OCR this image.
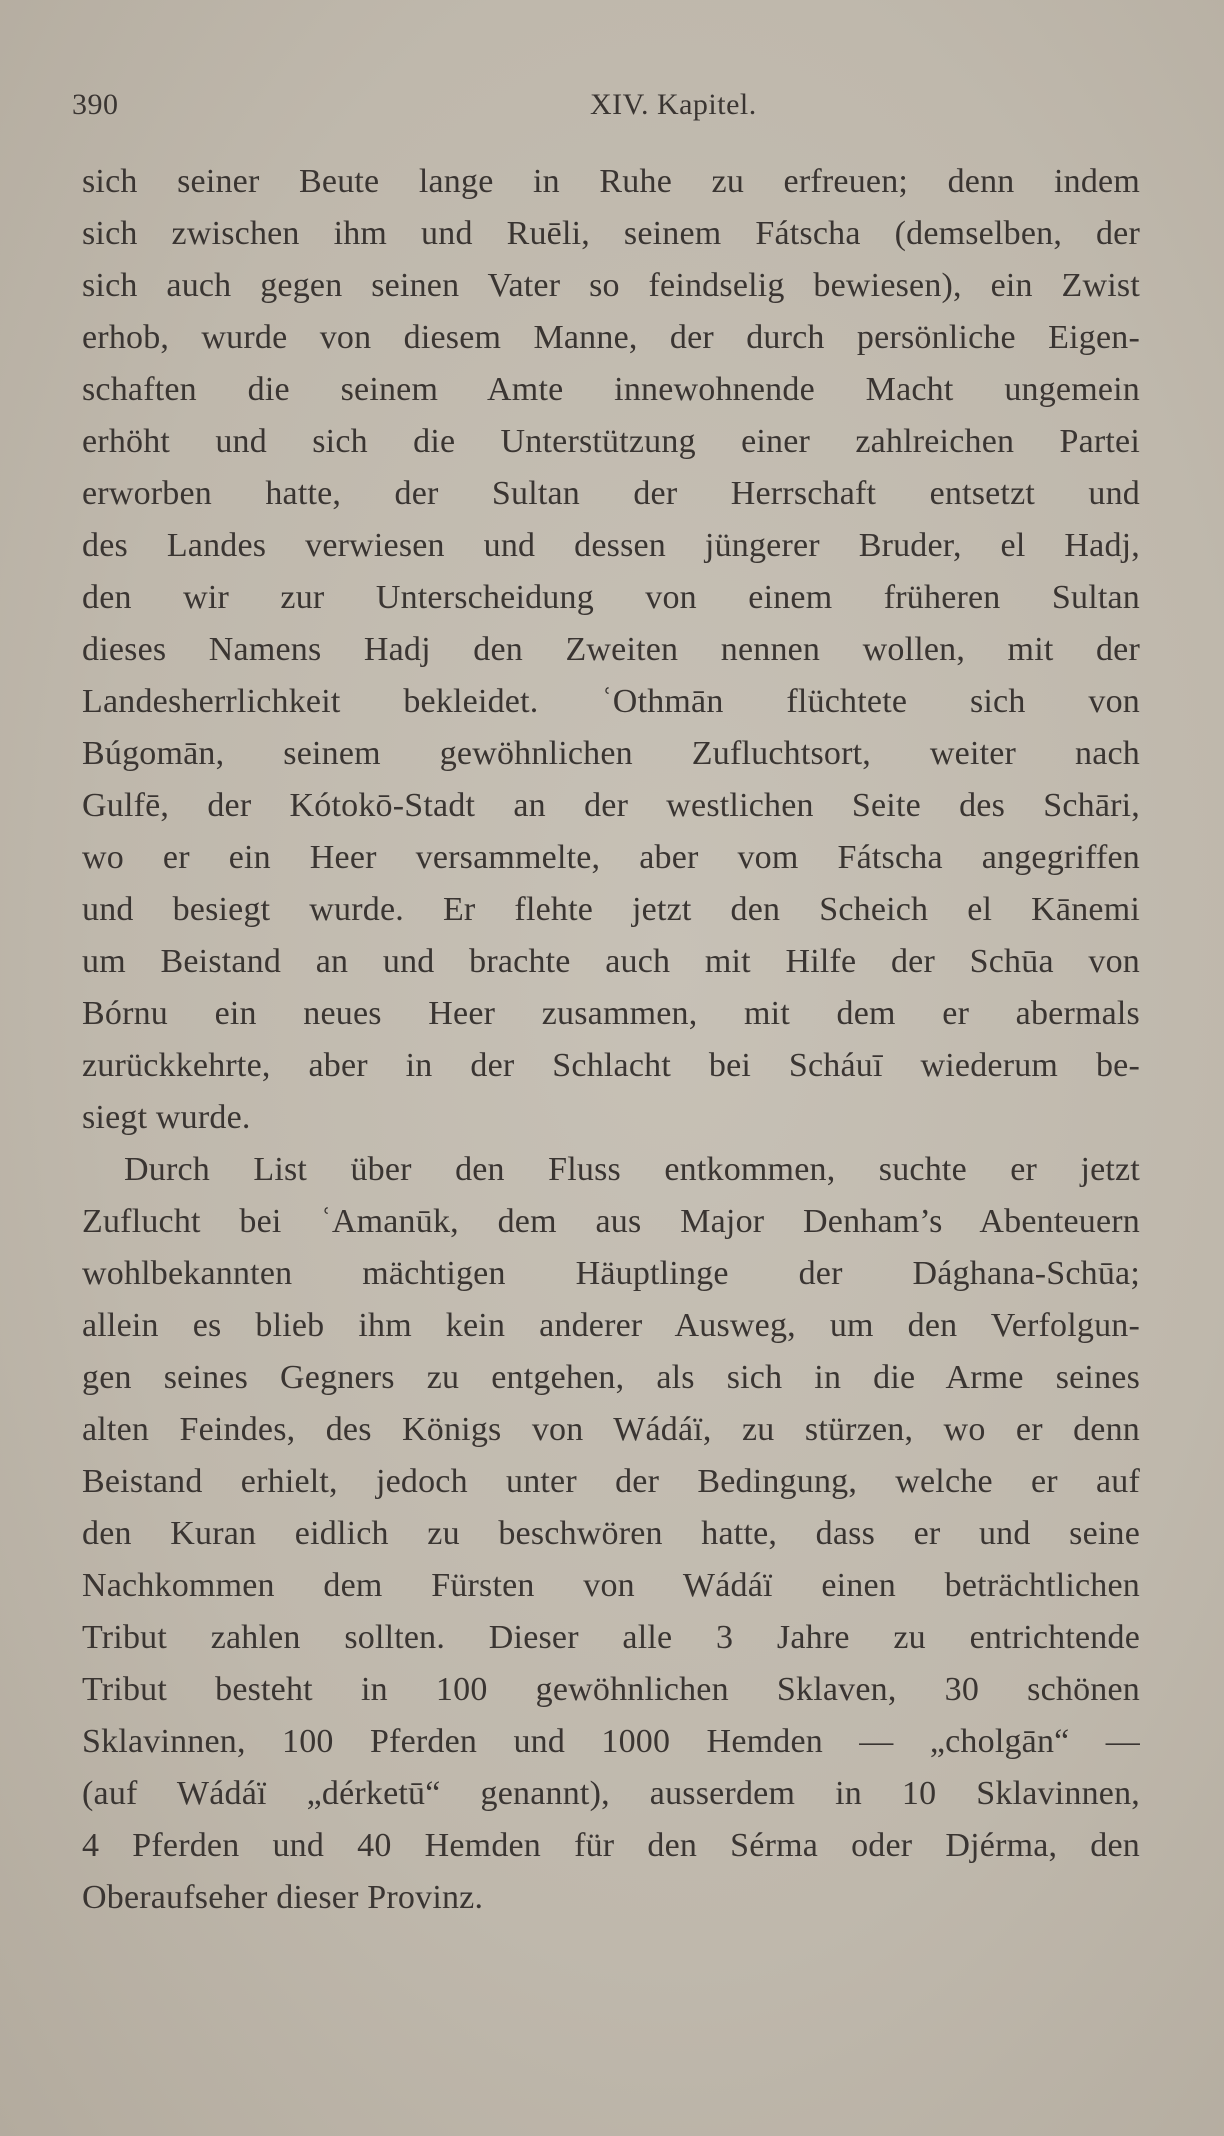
390	XIV. Kapitel.
sich seiner Beute lange in Ruhe zu erfreuen; denn indem
sich zwischen ihm und Ruēli, seinem Fátscha (demselben, der
sich auch gegen seinen Vater so feindselig bewiesen), ein Zwist
erhob, wurde von diesem Manne, der durch persönliche Eigen-
schaften die seinem Amte innewohnende Macht ungemein
erhöht und sich die Unterstützung einer zahlreichen Partei
erworben hatte, der Sultan der Herrschaft entsetzt und
des Landes verwiesen und dessen jüngerer Bruder, el Hadj,
den wir zur Unterscheidung von einem früheren Sultan
dieses Namens Hadj den Zweiten nennen wollen, mit der
Landesherrlichkeit bekleidet. ʿOthmān flüchtete sich von
Búgomān, seinem gewöhnlichen Zufluchtsort, weiter nach
Gulfē, der Kótokō-Stadt an der westlichen Seite des Schāri,
wo er ein Heer versammelte, aber vom Fátscha angegriffen
und besiegt wurde. Er flehte jetzt den Scheich el Kānemi
um Beistand an und brachte auch mit Hilfe der Schūa von
Bórnu ein neues Heer zusammen, mit dem er abermals
zurückkehrte, aber in der Schlacht bei Scháuī wiederum be-
siegt wurde.
Durch List über den Fluss entkommen, suchte er jetzt
Zuflucht bei ʿAmanūk, dem aus Major Denham’s Abenteuern
wohlbekannten mächtigen Häuptlinge der Dághana-Schūa;
allein es blieb ihm kein anderer Ausweg, um den Verfolgun-
gen seines Gegners zu entgehen, als sich in die Arme seines
alten Feindes, des Königs von Wádáï, zu stürzen, wo er denn
Beistand erhielt, jedoch unter der Bedingung, welche er auf
den Kuran eidlich zu beschwören hatte, dass er und seine
Nachkommen dem Fürsten von Wádáï einen beträchtlichen
Tribut zahlen sollten. Dieser alle 3 Jahre zu entrichtende
Tribut besteht in 100 gewöhnlichen Sklaven, 30 schönen
Sklavinnen, 100 Pferden und 1000 Hemden — „cholgān“ —
(auf Wádáï „dérketū“ genannt), ausserdem in 10 Sklavinnen,
4 Pferden und 40 Hemden für den Sérma oder Djérma, den
Oberaufseher dieser Provinz.
